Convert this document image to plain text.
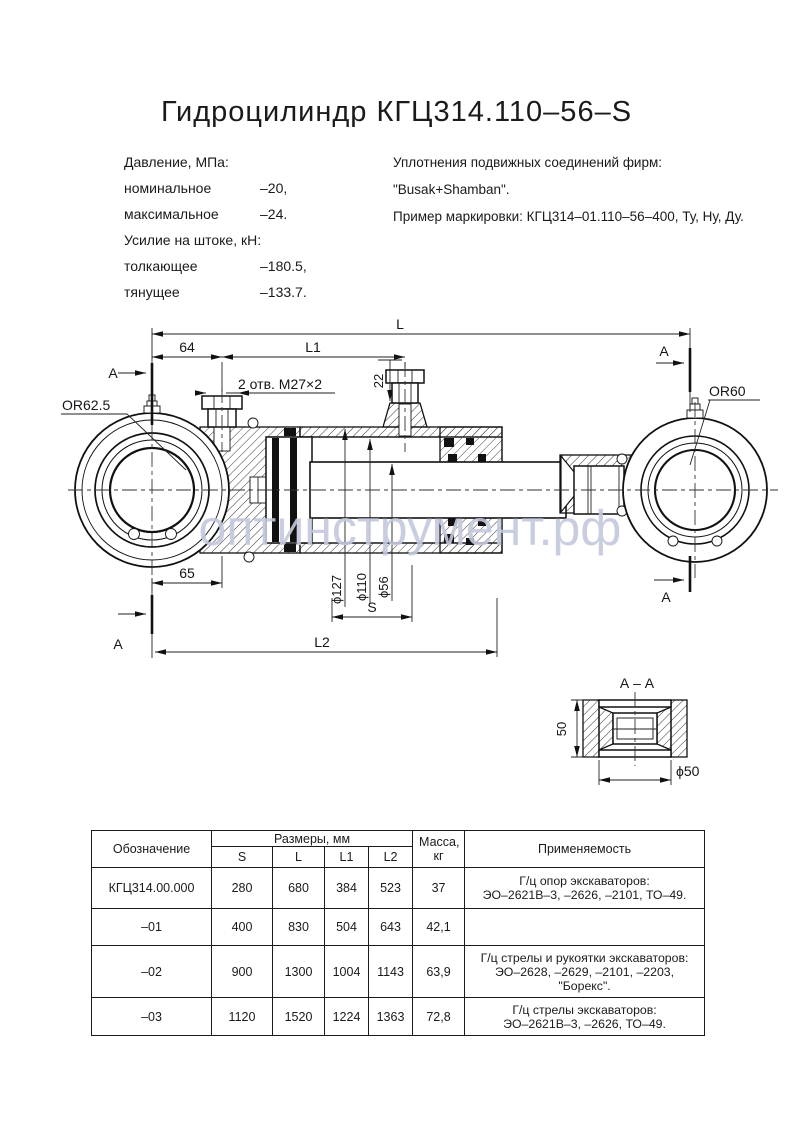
Гидроцилиндр КГЦ314.110–56–S
Давление, МПа:
номинальное	–20,
максимальное	–24.
Усилие на штоке, кН:
толкающее	–180.5,
тянущее	–133.7.
Уплотнения подвижных соединений фирм:
"Busak+Shamban".
Пример маркировки: КГЦ314–01.110–56–400, Ту, Ну, Ду.
L
64	L1
22
2 отв. М27×2
OR62.5
OR60
A
A
A
A
65
ϕ127 ϕ110 ϕ56
S
L2
А – А
50
ϕ50
оптинструмент.рф
Обозначение	Размеры, мм				Масса,
кг	Применяемость
	S	L	L1	L2		
КГЦ314.00.000	280	680	384	523	37	Г/ц опор экскаваторов:
ЭО–2621В–3, –2626, –2101, ТО–49.

–01	400	830	504	643	42,1	

–02	900	1300	1004	1143	63,9	Г/ц стрелы и рукоятки экскаваторов:
ЭО–2628, –2629, –2101, –2203, "Борекс".

–03	1120	1520	1224	1363	72,8	Г/ц стрелы экскаваторов:
ЭО–2621В–3, –2626, ТО–49.
